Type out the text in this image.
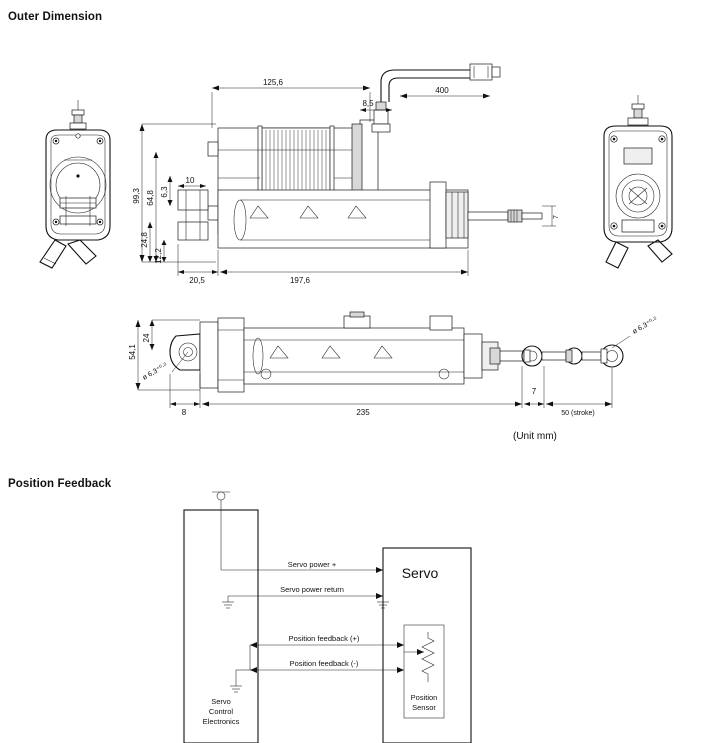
Outer Dimension
Position Feedback
(Unit mm)
7
125,6
8,5
400
99,3 64,8 6,3
10
24,8
12,2
20,5	197,6
24
54,1
ø 6,3⁺⁰·²
ø 6,3⁺⁰·²
8	235
7
50 (stroke)
Servo
Control
Electronics
Servo
Position
Sensor
Servo power +
Servo power return
Position feedback (+)
Position feedback (-)
